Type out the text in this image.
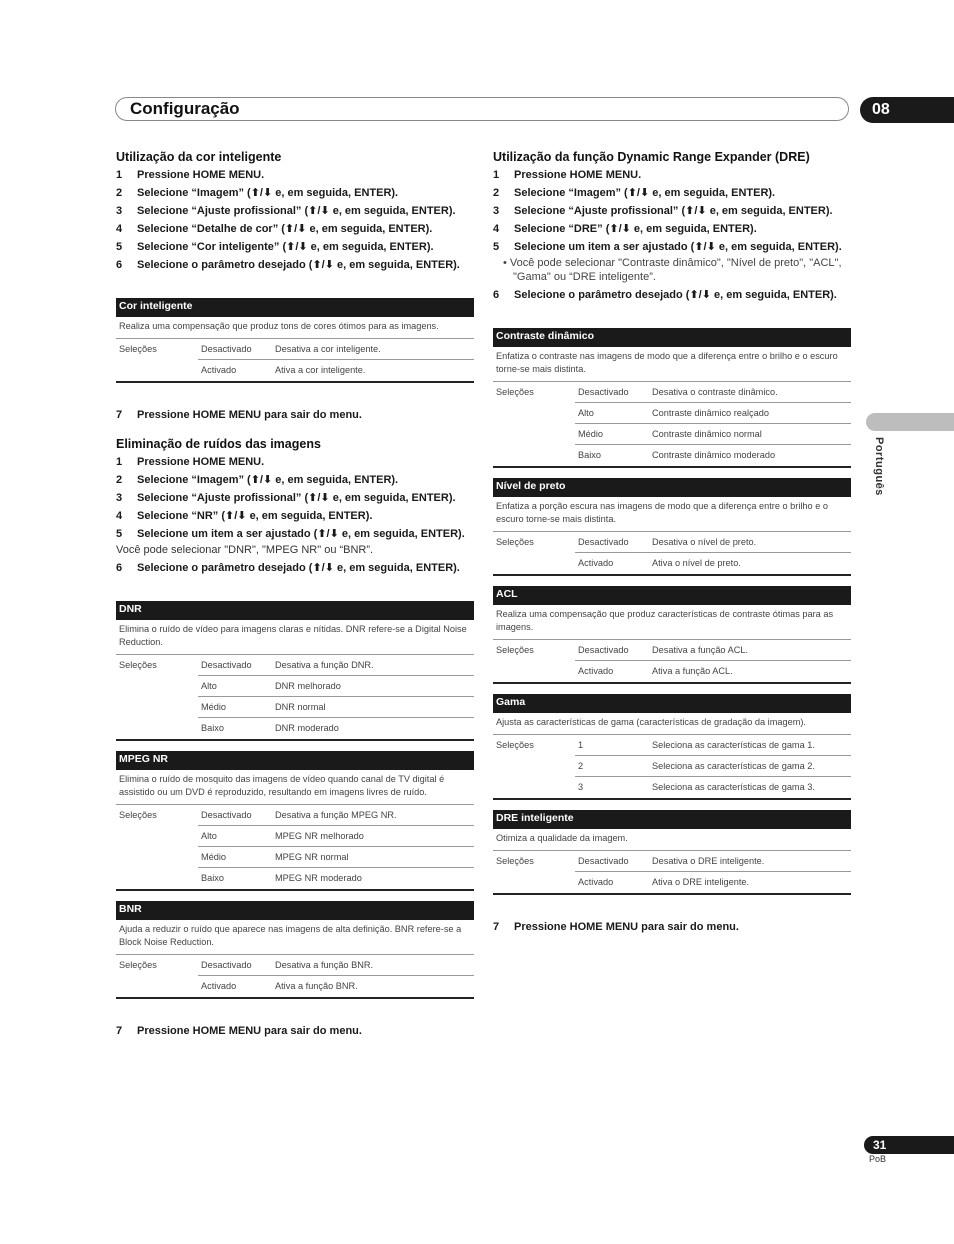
Configuração	08
Português
31
PoB
Utilização da cor inteligente
1 Pressione HOME MENU.
2 Selecione “Imagem” (⬆/⬇ e, em seguida, ENTER).
3 Selecione “Ajuste profissional” (⬆/⬇ e, em seguida, ENTER).
4 Selecione “Detalhe de cor” (⬆/⬇ e, em seguida, ENTER).
5 Selecione “Cor inteligente” (⬆/⬇ e, em seguida, ENTER).
6 Selecione o parâmetro desejado (⬆/⬇ e, em seguida, ENTER).
Cor inteligente
Realiza uma compensação que produz tons de cores ótimos para as imagens.
Seleções	Desactivado	Desativa a cor inteligente.
Activado	Ativa a cor inteligente.
7 Pressione HOME MENU para sair do menu.
Eliminação de ruídos das imagens
1 Pressione HOME MENU.
2 Selecione “Imagem” (⬆/⬇ e, em seguida, ENTER).
3 Selecione “Ajuste profissional” (⬆/⬇ e, em seguida, ENTER).
4 Selecione “NR” (⬆/⬇ e, em seguida, ENTER).
5 Selecione um item a ser ajustado (⬆/⬇ e, em seguida, ENTER).
Você pode selecionar "DNR", "MPEG NR" ou “BNR”.
6 Selecione o parâmetro desejado (⬆/⬇ e, em seguida, ENTER).
DNR
Elimina o ruído de vídeo para imagens claras e nítidas. DNR refere-se a Digital Noise Reduction.
Seleções	Desactivado	Desativa a função DNR.
Alto	DNR melhorado
Médio	DNR normal
Baixo	DNR moderado
MPEG NR
Elimina o ruído de mosquito das imagens de vídeo quando canal de TV digital é assistido ou um DVD é reproduzido, resultando em imagens livres de ruído.
Seleções	Desactivado	Desativa a função MPEG NR.
Alto	MPEG NR melhorado
Médio	MPEG NR normal
Baixo	MPEG NR moderado
BNR
Ajuda a reduzir o ruído que aparece nas imagens de alta definição. BNR refere-se a Block Noise Reduction.
Seleções	Desactivado	Desativa a função BNR.
Activado	Ativa a função BNR.
7 Pressione HOME MENU para sair do menu.
Utilização da função Dynamic Range Expander (DRE)
1 Pressione HOME MENU.
2 Selecione “Imagem” (⬆/⬇ e, em seguida, ENTER).
3 Selecione “Ajuste profissional” (⬆/⬇ e, em seguida, ENTER).
4 Selecione “DRE” (⬆/⬇ e, em seguida, ENTER).
5 Selecione um item a ser ajustado (⬆/⬇ e, em seguida, ENTER).
• Você pode selecionar "Contraste dinâmico", "Nível de preto", "ACL", "Gama" ou “DRE inteligente”.
6 Selecione o parâmetro desejado (⬆/⬇ e, em seguida, ENTER).
Contraste dinâmico
Enfatiza o contraste nas imagens de modo que a diferença entre o brilho e o escuro torne-se mais distinta.
Seleções	Desactivado	Desativa o contraste dinâmico.
Alto	Contraste dinâmico realçado
Médio	Contraste dinâmico normal
Baixo	Contraste dinâmico moderado
Nível de preto
Enfatiza a porção escura nas imagens de modo que a diferença entre o brilho e o escuro torne-se mais distinta.
Seleções	Desactivado	Desativa o nível de preto.
Activado	Ativa o nível de preto.
ACL
Realiza uma compensação que produz características de contraste ótimas para as imagens.
Seleções	Desactivado	Desativa a função ACL.
Activado	Ativa a função ACL.
Gama
Ajusta as características de gama (características de gradação da imagem).
Seleções	1	Seleciona as características de gama 1.
2	Seleciona as características de gama 2.
3	Seleciona as características de gama 3.
DRE inteligente
Otimiza a qualidade da imagem.
Seleções	Desactivado	Desativa o DRE inteligente.
Activado	Ativa o DRE inteligente.
7 Pressione HOME MENU para sair do menu.
